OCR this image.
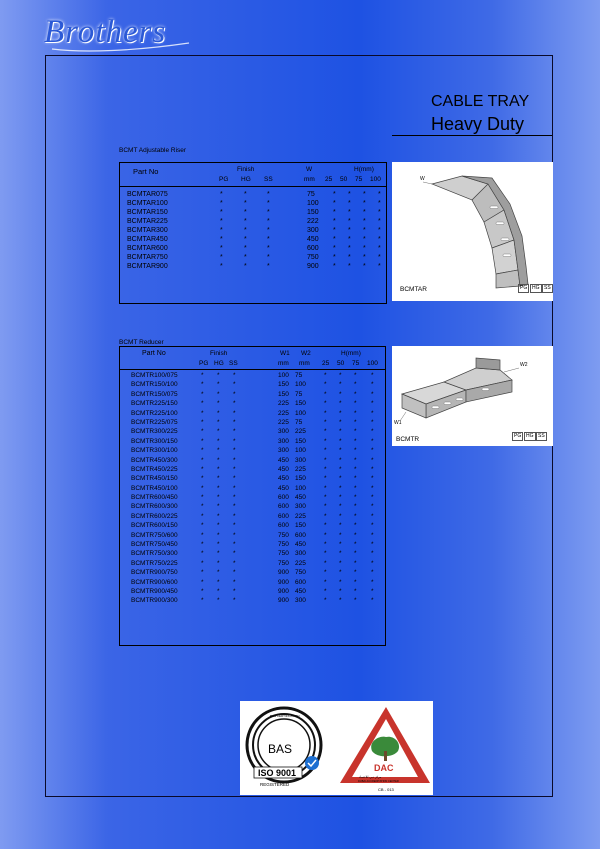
Brothers
CABLE TRAY
Heavy Duty
BCMT Adjustable Riser
Part No	Finish
PG HG SS
W
mm
H(mm)
25 50 75 100
BCMTAR075	*	*	*	75	* * * *
BCMTAR100	*	*	*	100 * * * *
BCMTAR150	*	*	*	150 * * * *
BCMTAR225	*	*	*	222 * * * *
BCMTAR300	*	*	*	300 * * * *
BCMTAR450	*	*	*	450 * * * *
BCMTAR600	*	*	*	600 * * * *
BCMTAR750	*	*	*	750 * * * *
BCMTAR900	*	*	*	900 * * * *
W
BCMTAR	PG HG SS
BCMT Reducer
Part No	Finish
PG HG SS
W1 W2
mm mm
H(mm)
25 50 75 100
BCMTR100/075	* * *	100 75	* * * *
BCMTR150/100	* * *	150 100	* * * *
BCMTR150/075	* * *	150 75	* * * *
BCMTR225/150	* * *	225 150	* * * *
BCMTR225/100	* * *	225 100	* * * *
BCMTR225/075	* * *	225 75	* * * *
BCMTR300/225	* * *	300 225	* * * *
BCMTR300/150	* * *	300 150	* * * *
BCMTR300/100	* * *	300 100	* * * *
BCMTR450/300	* * *	450 300	* * * *
BCMTR450/225	* * *	450 225	* * * *
BCMTR450/150	* * *	450 150	* * * *
BCMTR450/100	* * *	450 100	* * * *
BCMTR600/450	* * *	600 450	* * * *
BCMTR600/300	* * *	600 300	* * * *
BCMTR600/225	* * *	600 225	* * * *
BCMTR600/150	* * *	600 150	* * * *
BCMTR750/600	* * *	750 600	* * * *
BCMTR750/450	* * *	750 450	* * * *
BCMTR750/300	* * *	750 300	* * * *
BCMTR750/225	* * *	750 225	* * * *
BCMTR900/750	* * *	900 750	* * * *
BCMTR900/600	* * *	900 600	* * * *
BCMTR900/450	* * *	900 450	* * * *
BCMTR900/300	* * *	900 300	* * * *
W2
W1
BCMTR	PG HG SS
BAS
ISO 9001
REGISTERED
BAS CERTIFICATION
DAC
مركز دبي للاعتماد
DUBAI ACCREDITATION CENTER
CB - 013
